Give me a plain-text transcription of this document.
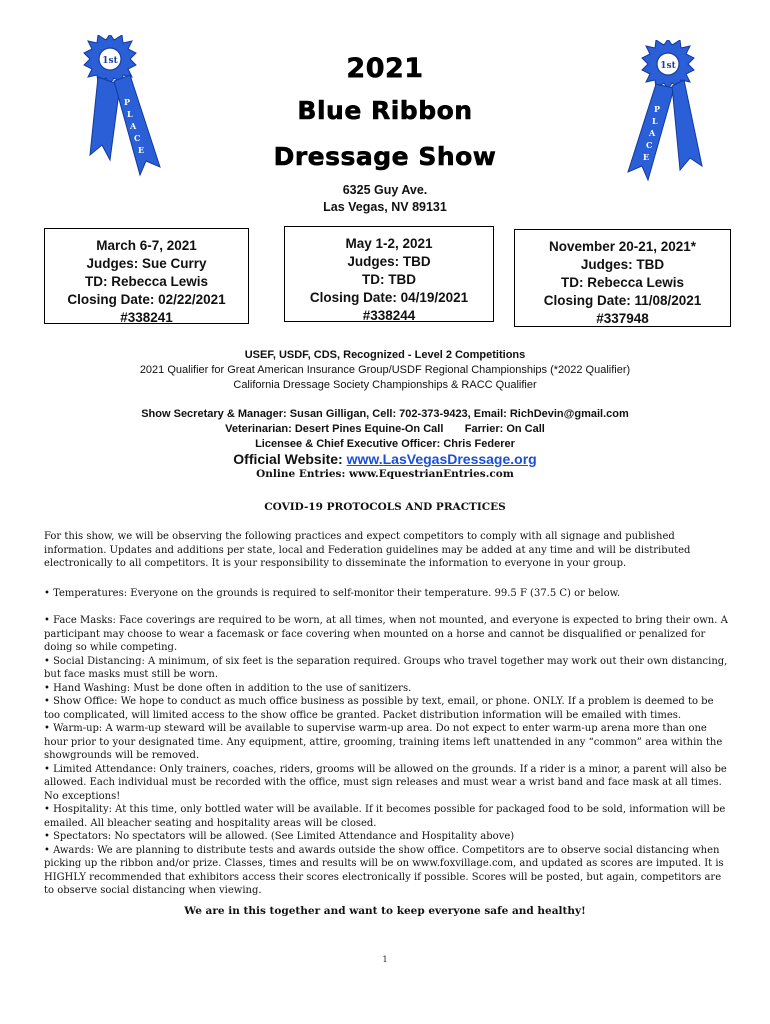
1st
P
L
A
C
E
1st
P
L
A
C
E
2021
Blue Ribbon
Dressage Show
6325 Guy Ave.
Las Vegas, NV 89131
March 6-7, 2021
Judges: Sue Curry
TD: Rebecca Lewis
Closing Date: 02/22/2021
#338241
May 1-2, 2021
Judges: TBD
TD: TBD
Closing Date: 04/19/2021
#338244
November 20-21, 2021*
Judges: TBD
TD: Rebecca Lewis
Closing Date: 11/08/2021
#337948
USEF, USDF, CDS, Recognized - Level 2 Competitions
2021 Qualifier for Great American Insurance Group/USDF Regional Championships (*2022 Qualifier)
California Dressage Society Championships & RACC Qualifier
Show Secretary & Manager: Susan Gilligan, Cell: 702-373-9423, Email: RichDevin@gmail.com
Veterinarian: Desert Pines Equine-On Call Farrier: On Call
Licensee & Chief Executive Officer: Chris Federer
Official Website: www.LasVegasDressage.org
Online Entries: www.EquestrianEntries.com
COVID-19 PROTOCOLS AND PRACTICES
For this show, we will be observing the following practices and expect competitors to comply with all signage and published information. Updates and additions per state, local and Federation guidelines may be added at any time and will be distributed electronically to all competitors. It is your responsibility to disseminate the information to everyone in your group.
• Temperatures: Everyone on the grounds is required to self-monitor their temperature. 99.5 F (37.5 C) or below.

• Face Masks: Face coverings are required to be worn, at all times, when not mounted, and everyone is expected to bring their own. A participant may choose to wear a facemask or face covering when mounted on a horse and cannot be disqualified or penalized for doing so while competing.

• Social Distancing: A minimum, of six feet is the separation required. Groups who travel together may work out their own distancing, but face masks must still be worn.

• Hand Washing: Must be done often in addition to the use of sanitizers.

• Show Office: We hope to conduct as much office business as possible by text, email, or phone. ONLY. If a problem is deemed to be too complicated, will limited access to the show office be granted. Packet distribution information will be emailed with times.

• Warm-up: A warm-up steward will be available to supervise warm-up area. Do not expect to enter warm-up arena more than one hour prior to your designated time. Any equipment, attire, grooming, training items left unattended in any “common” area within the showgrounds will be removed.

• Limited Attendance: Only trainers, coaches, riders, grooms will be allowed on the grounds. If a rider is a minor, a parent will also be allowed. Each individual must be recorded with the office, must sign releases and must wear a wrist band and face mask at all times. No exceptions!

• Hospitality: At this time, only bottled water will be available. If it becomes possible for packaged food to be sold, information will be emailed. All bleacher seating and hospitality areas will be closed.

• Spectators: No spectators will be allowed. (See Limited Attendance and Hospitality above)

• Awards: We are planning to distribute tests and awards outside the show office. Competitors are to observe social distancing when picking up the ribbon and/or prize. Classes, times and results will be on www.foxvillage.com, and updated as scores are imputed. It is HIGHLY recommended that exhibitors access their scores electronically if possible. Scores will be posted, but again, competitors are to observe social distancing when viewing.

We are in this together and want to keep everyone safe and healthy!
1
